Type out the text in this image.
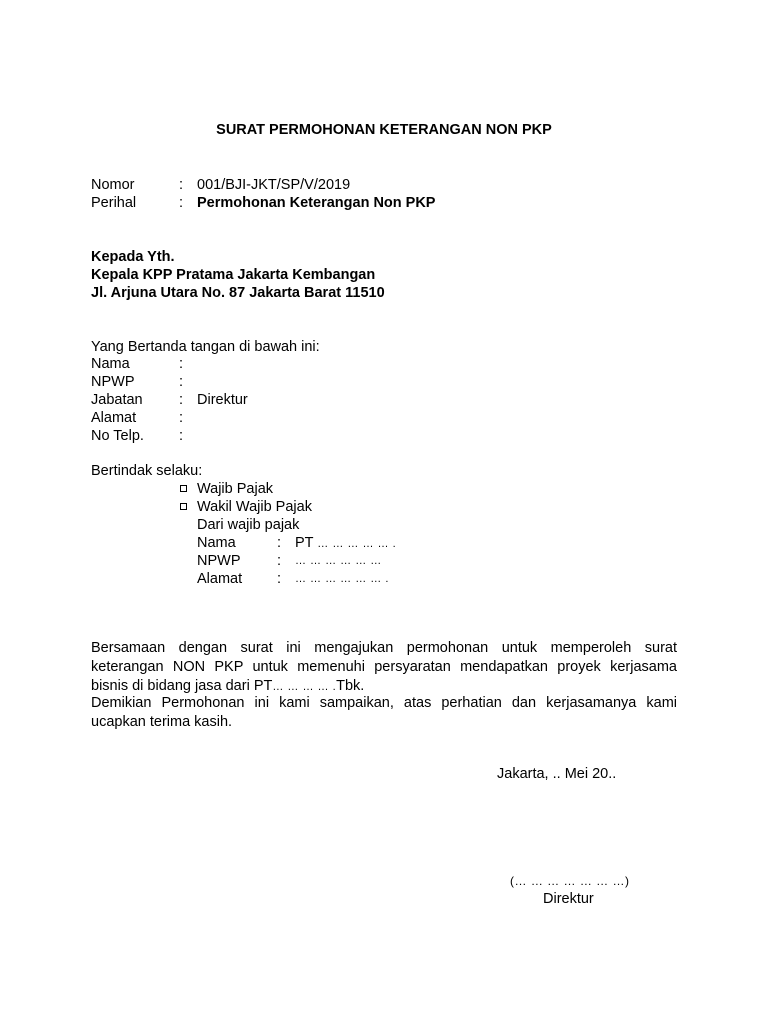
SURAT PERMOHONAN KETERANGAN NON PKP
Nomor	: 001/BJI-JKT/SP/V/2019
Perihal	: Permohonan Keterangan Non PKP
Kepada Yth.
Kepala KPP Pratama Jakarta Kembangan
Jl. Arjuna Utara No. 87 Jakarta Barat 11510
Yang Bertanda tangan di bawah ini:
Nama	:
NPWP	:
Jabatan	: Direktur
Alamat	:
No Telp. :
Bertindak selaku:
Wajib Pajak
Wakil Wajib Pajak
Dari wajib pajak
Nama	: PT … … … … … .
NPWP	: … … … … … …
Alamat : … … … … … … .
Bersamaan dengan surat ini mengajukan permohonan untuk memperoleh surat
keterangan NON PKP untuk memenuhi persyaratan mendapatkan proyek kerjasama
bisnis di bidang jasa dari PT… … … … .Tbk.
Demikian Permohonan ini kami sampaikan, atas perhatian dan kerjasamanya kami
ucapkan terima kasih.
Jakarta, .. Mei 20..
(… … … … … … …)
Direktur
